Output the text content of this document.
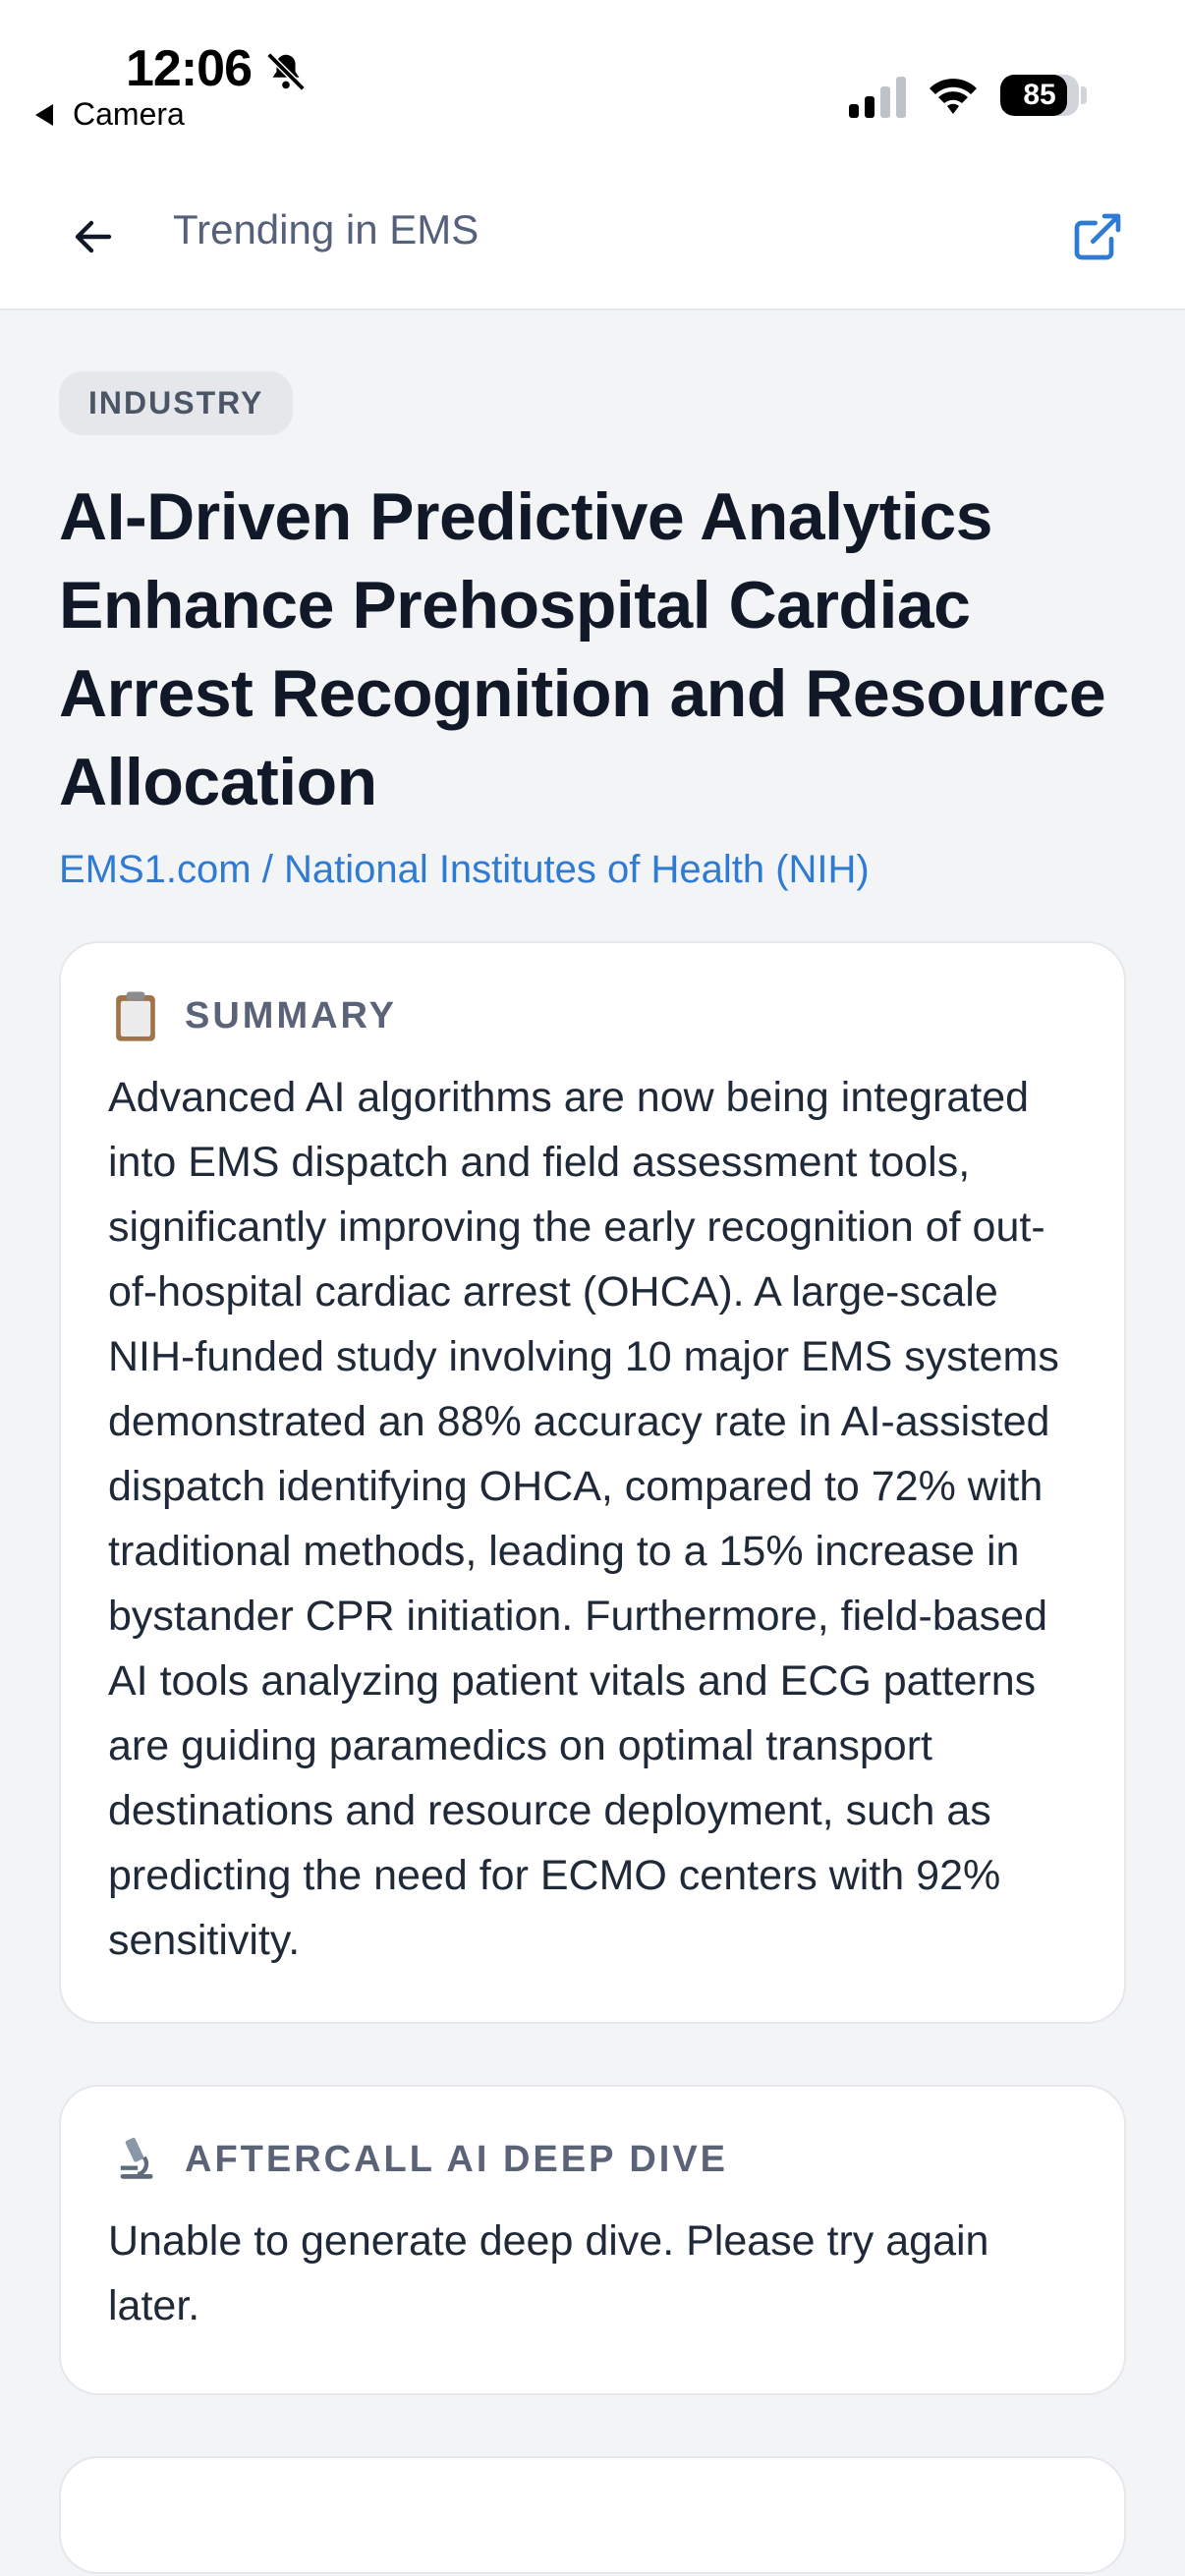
12:06
Camera
85
Trending in EMS
INDUSTRY
AI-Driven Predictive Analytics Enhance Prehospital Cardiac Arrest Recognition and Resource Allocation
EMS1.com / National Institutes of Health (NIH)
SUMMARY

Advanced AI algorithms are now being integrated into EMS dispatch and field assessment tools, significantly improving the early recognition of out-of-hospital cardiac arrest (OHCA). A large-scale NIH-funded study involving 10 major EMS systems demonstrated an 88% accuracy rate in AI-assisted dispatch identifying OHCA, compared to 72% with traditional methods, leading to a 15% increase in bystander CPR initiation. Furthermore, field-based AI tools analyzing patient vitals and ECG patterns are guiding paramedics on optimal transport destinations and resource deployment, such as predicting the need for ECMO centers with 92% sensitivity.

AFTERCALL AI DEEP DIVE

Unable to generate deep dive. Please try again later.
